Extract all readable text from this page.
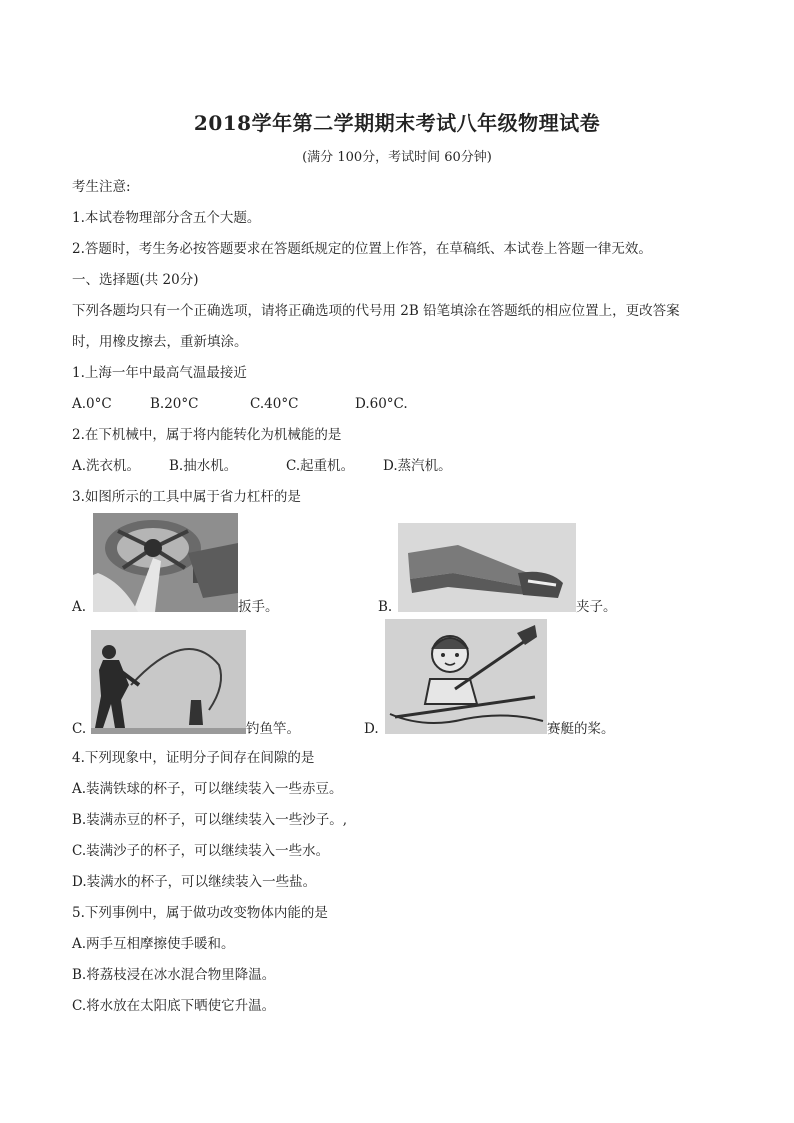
2018学年第二学期期末考试八年级物理试卷
(满分 100分，考试时间 60分钟)
考生注意:
1.本试卷物理部分含五个大题。
2.答题时，考生务必按答题要求在答题纸规定的位置上作答，在草稿纸、本试卷上答题一律无效。
一、选择题(共 20分)
下列各题均只有一个正确选项，请将正确选项的代号用 2B 铅笔填涂在答题纸的相应位置上，更改答案
时，用橡皮擦去，重新填涂。
1.上海一年中最高气温最接近
A.0°C	B.20°C	C.40°C	D.60°C.
2.在下机械中，属于将内能转化为机械能的是
A.洗衣机。 B.抽水机。	C.起重机。 D.蒸汽机。
3.如图所示的工具中属于省力杠杆的是
A.	扳手。	B.	夹子。
C.	钓鱼竿。	D.	赛艇的桨。
4.下列现象中，证明分子间存在间隙的是
A.装满铁球的杯子，可以继续装入一些赤豆。
B.装满赤豆的杯子，可以继续装入一些沙子。,
C.装满沙子的杯子，可以继续装入一些水。
D.装满水的杯子，可以继续装入一些盐。
5.下列事例中，属于做功改变物体内能的是
A.两手互相摩擦使手暖和。
B.将荔枝浸在冰水混合物里降温。
C.将水放在太阳底下晒使它升温。
